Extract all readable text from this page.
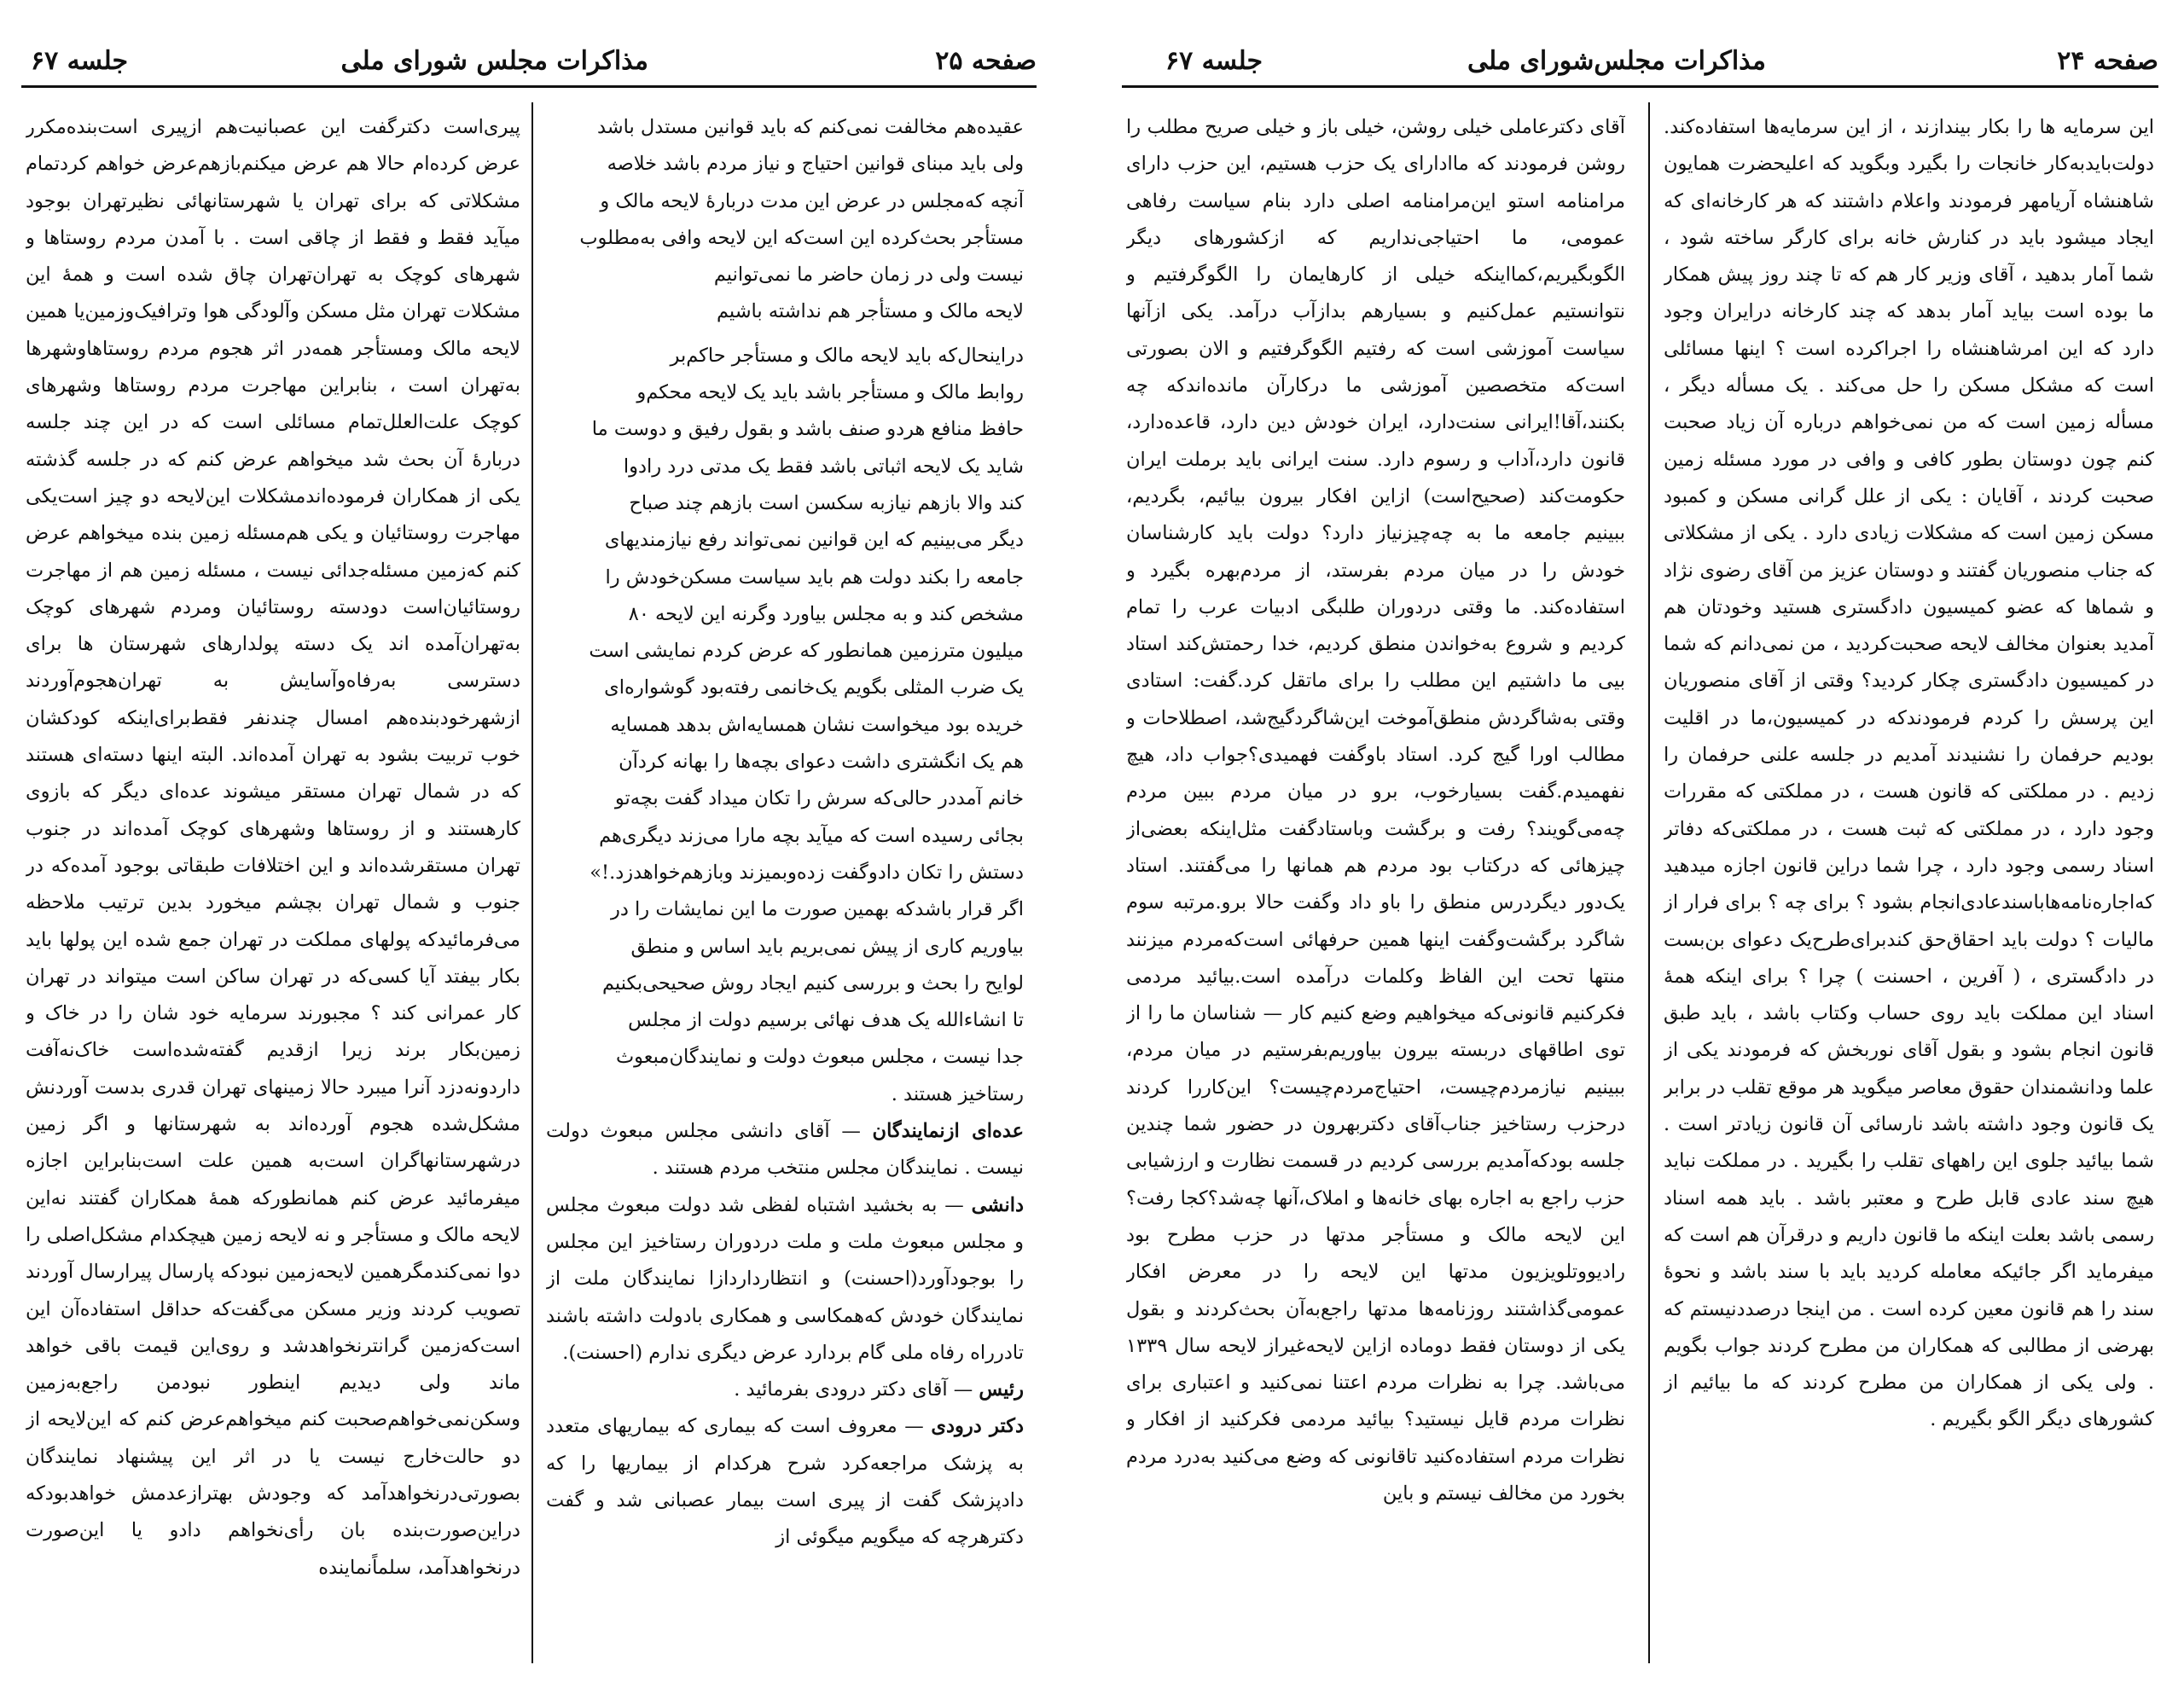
صفحه ۲۵
مذاکرات مجلس شورای ملی
جلسه ۶۷

عقیده‌هم مخالفت نمی‌کنم که باید قوانین مستدل باشد

ولی باید مبنای قوانین احتیاج و نیاز مردم باشد خلاصه

آنچه که‌مجلس در عرض این مدت دربارهٔ لایحه مالک و

مستأجر بحث‌کرده این است‌که این لایحه وافی به‌مطلوب

نیست ولی در زمان حاضر ما نمی‌توانیم

لایحه مالک و مستأجر هم نداشته باشیم

دراینحال‌که باید لایحه مالک و مستأجر حاکم‌بر

روابط مالک و مستأجر باشد باید یک لایحه محکم‌و

حافظ منافع هردو صنف باشد و بقول رفیق و دوست ما

شاید یک لایحه اثباتی باشد فقط یک مدتی درد رادوا

کند والا بازهم نیازبه سکسن است بازهم چند صباح

دیگر می‌بینیم که این قوانین نمی‌تواند رفع نیازمندیهای

جامعه را بکند دولت هم باید سیاست مسکن‌خودش را

مشخص کند و به مجلس بیاورد وگرنه این لایحه ۸۰

میلیون مترزمین همانطور که عرض کردم نمایشی است

یک ضرب المثلی بگویم یک‌خانمی رفته‌بود گوشواره‌ای

خریده بود میخواست نشان همسایه‌اش بدهد همسایه

هم یک انگشتری داشت دعوای بچه‌ها را بهانه کرد‌آن

خانم آمددر حالی‌که سرش را تکان میداد گفت بچه‌تو

بجائی رسیده است که میآید بچه مارا می‌زند دیگری‌هم

دستش را تکان دادوگفت زده‌وبمیزند وبازهم‌خواهدزد.!»

اگر قرار باشد‌که بهمین صورت ما این نمایشات را در

بیاوریم کاری از پیش نمی‌بریم باید اساس و منطق

لوایح را بحث و بررسی کنیم ایجاد روش صحیحی‌بکنیم

تا انشاءالله یک هدف نهائی برسیم دولت از مجلس

جدا نیست ، مجلس مبعوث دولت و نمایندگان‌مبعوث

رستاخیز هستند .

عده‌ای ازنمایندگان — آقای دانشی مجلس مبعوث دولت نیست . نمایندگان مجلس منتخب مردم هستند .

دانشی — به بخشید اشتباه لفظی شد دولت مبعوث مجلس و مجلس مبعوث ملت و ملت دردوران رستاخیز این مجلس را بوجودآورد(احسنت) و انتظارداردازا نمایندگان ملت از نمایندگان خودش که‌همکاسی و همکاری بادولت داشته باشند تادرراه رفاه ملی گام بردارد عرض دیگری ندارم (احسنت).

رئیس — آقای دکتر درودی بفرمائید .

دکتر درودی — معروف است که بیماری که بیماریهای متعدد به پزشک مراجعه‌کرد شرح هرکدام از بیماریها را که دادپزشک گفت از پیری است بیمار عصبانی شد و گفت دکترهرچه که میگویم میگوئی از

پیری‌است دکترگفت این عصبانیت‌هم ازپیری است‌بنده‌مکرر عرض کرده‌ام حالا هم عرض میکنم‌بازهم‌عرض خواهم کرد‌تمام مشکلاتی که برای تهران یا شهرستانهائی نظیرتهران بوجود میآید فقط و فقط از چاقی است . با آمدن مردم روستاها و شهرهای کوچک به تهران‌تهران چاق شده است و همهٔ این مشکلات تهران مثل مسکن وآلودگی هوا وترافیک‌وزمین‌یا همین لایحه مالک ومستأجر همه‌در اثر هجوم مردم روستاها‌وشهرها به‌تهران است ، بنابراین مهاجرت مردم روستاها وشهرهای کوچک علت‌العلل‌تمام مسائلی است که در این چند جلسه دربارهٔ آن بحث شد میخواهم عرض کنم که در جلسه گذشته یکی از همکاران فرموده‌اندمشکلات این‌لایحه دو چیز است‌یکی مهاجرت روستائیان و یکی هم‌مسئله زمین بنده میخواهم عرض کنم که‌زمین مسئله‌جدائی نیست ، مسئله زمین هم از مهاجرت روستائیان‌است دودسته روستائیان و‌مردم شهرهای کوچک به‌تهران‌آمده اند یک دسته پولدارهای شهرستان ها برای دسترسی به‌رفاه‌وآسایش به تهران‌هجوم‌آوردند ازشهرخودبنده‌هم امسال چندنفر فقط‌برای‌اینکه کودکشان خوب تربیت بشود به تهران آمده‌اند. البته اینها دسته‌ای هستند که در شمال تهران مستقر میشوند عده‌ای دیگر که بازوی کارهستند و از روستاها وشهرهای کوچک آمده‌اند در جنوب تهران مستقرشده‌اند و این اختلافات طبقاتی بوجود آمده‌که در جنوب و شمال تهران بچشم میخورد بدین ترتیب ملاحظه می‌فرمائید‌که پولهای مملکت در تهران جمع شده این پولها باید بکار بیفتد آیا کسی‌که در تهران ساکن است میتواند در تهران کار عمرانی کند ؟ مجبورند سرمایه خود شان را در خاک و زمین‌بکار برند زیرا ازقدیم گفته‌شده‌است خاک‌نه‌آفت داردونه‌دزد آنرا میبرد حالا زمینهای تهران قدری بدست آوردنش مشکل‌شده هجوم آورده‌اند به شهرستانها و اگر زمین درشهرستانها‌گران است‌به همین علت است‌بنابراین اجازه میفرمائید عرض کنم همانطورکه همهٔ همکاران گفتند نه‌این لایحه مالک و مستأجر و نه لایحه زمین هیچکدام مشکل‌اصلی را دوا نمی‌کندمگرهمین لایحه‌زمین نبود‌که پارسال پیرارسال آوردند تصویب کردند وزیر مسکن می‌گفت‌که حداقل استفاده‌آن این است‌که‌زمین گرانترنخواهدشد و روی‌این قیمت باقی خواهد ماند ولی دیدیم اینطور نبودمن راجع‌به‌زمین وسکن‌نمی‌خواهم‌صحبت کنم میخواهم‌عرض کنم که این‌لایحه از دو حالت‌خارج نیست یا در اثر این پیشنهاد نمایندگان بصورتی‌درنخواهدآمد که وجودش بهترازعدمش خواهدبود‌که دراین‌صورت‌بنده بان رأی‌نخواهم دادو یا این‌صورت درنخواهدآمد، سلماً‌نماینده

صفحه ۲۴
مذاکرات مجلس‌شورای ملی
جلسه ۶۷

این سرمایه ها را بکار بیندازند ، از این سرمایه‌ها استفاده‌کند. دولت‌بایدبه‌کار خانجات را بگیرد وبگوید که اعلیحضرت همایون شاهنشاه آریامهر فرمودند واعلام داشتند که هر کارخانه‌ای که ایجاد میشود باید در کنارش خانه برای کارگر ساخته شود ، شما آمار بدهید ، آقای وزیر کار هم که تا چند روز پیش همکار ما بوده است بیاید آمار بدهد که چند کارخانه درایران وجود دارد که این امرشاهنشاه را اجراکرده است ؟ اینها مسائلی است که مشکل مسکن را حل می‌کند . یک مسأله دیگر ، مسأله زمین است که من نمی‌خواهم درباره آن زیاد صحبت کنم چون دوستان بطور کافی و وافی در مورد مسئله زمین صحبت کردند ، آقایان : یکی از علل گرانی مسکن و کمبود مسکن زمین است که مشکلات زیادی دارد . یکی از مشکلاتی که جناب منصوریان گفتند و دوستان عزیز من آقای رضوی نژاد و شماها که عضو کمیسیون دادگستری هستید وخودتان هم آمدید بعنوان مخالف لایحه صحبت‌کردید ، من نمی‌دانم که شما در کمیسیون دادگستری چکار کردید؟ وقتی از آقای منصوریان این پرسش را کردم فرمودند‌که در کمیسیون،ما در اقلیت بودیم حرفمان را نشنیدند آمدیم در جلسه علنی حرفمان را زدیم . در مملکتی که قانون هست ، در مملکتی که مقررات وجود دارد ، در مملکتی که ثبت هست ، در مملکتی‌که دفاتر اسناد رسمی وجود دارد ، چرا شما دراین قانون اجازه میدهید که‌اجاره‌نامه‌هاباسندعادی‌انجام بشود ؟ برای چه ؟ برای فرار از مالیات ؟ دولت باید احقاق‌حق کندبرای‌طرح‌یک دعوای بن‌بست در دادگستری ، ( آفرین ، احسنت ) چرا ؟ برای اینکه همهٔ اسناد این مملکت باید روی حساب وکتاب باشد ، باید طبق قانون انجام بشود و بقول آقای نوربخش که فرمودند یکی از علما ودانشمندان حقوق معاصر میگوید هر موقع تقلب در برابر یک قانون وجود داشته باشد نارسائی آن قانون زیادتر است . شما بیائید جلوی این راههای تقلب را بگیرید . در مملکت نباید هیچ سند عادی قابل طرح و معتبر باشد . باید همه اسناد رسمی باشد بعلت اینکه ما قانون داریم و درقرآن هم است که میفرماید اگر جائیکه معامله کردید باید با سند باشد و نحوهٔ سند را هم قانون معین کرده است . من اینجا درصددنیستم که بهرضی از مطالبی که همکاران من مطرح کردند جواب بگویم . ولی یکی از همکاران من مطرح کردند که ما بیائیم از کشورهای دیگر الگو بگیریم .

آقای دکترعاملی خیلی روشن، خیلی باز و خیلی صریح مطلب را روشن فرمودند که ماادارای یک حزب هستیم، این حزب دارای مرامنامه استو این‌مرامنامه اصلی دارد بنام سیاست رفاهی عمومی، ما احتیاجی‌نداریم که ازکشورهای دیگر الگوبگیریم،کمااینکه خیلی از کارهایمان را الگوگرفتیم و نتوانستیم عمل‌کنیم و بسیارهم بدازآب درآمد. یکی ازآنها سیاست آموزشی است که رفتیم الگوگرفتیم و الان بصورتی است‌که متخصصین آموزشی ما درکارآن مانده‌اندکه چه بکنند،آقا!ایرانی سنت‌دارد، ایران خودش دین دارد، قاعده‌دارد، قانون دارد،آداب و رسوم دارد. سنت ایرانی باید برملت ایران حکومت‌کند (صحیح‌است) ازاین افکار بیرون بیائیم، بگردیم، ببینیم جامعه ما به چه‌چیزنیاز دارد؟ دولت باید کارشناسان خودش را در میان مردم بفرستد، از مردم‌بهره بگیرد و استفاده‌کند. ما وقتی دردوران طلبگی ادبیات عرب را تمام کردیم و شروع به‌خواندن منطق کردیم، خدا رحمتش‌کند استاد بیی ما داشتیم این مطلب را برای ماتقل کرد.گفت: استادی وقتی به‌شاگردش منطق‌آموخت این‌شاگردگیج‌شد، اصطلاحات و مطالب اورا گیج کرد. استاد باوگفت فهمیدی؟جواب داد، هیچ نفهمیدم.گفت بسیارخوب، برو در میان مردم ببین مردم چه‌می‌گویند؟ رفت و برگشت وباستادگفت مثل‌اینکه بعضی‌از چیزهائی که درکتاب بود مردم هم همانها را می‌گفتند. استاد یک‌دور دیگردرس منطق را باو داد وگفت حالا برو.مرتبه سوم شاگرد برگشت‌وگفت اینها همین حرفهائی است‌که‌مردم میزنند منتها تحت این الفاظ وکلمات درآمده است.بیائید مردمی فکرکنیم قانونی‌که میخواهیم وضع کنیم کار — شناسان ما را از توی اطاقهای دربسته بیرون بیاوریم‌بفرستیم در میان مردم، ببینیم نیازمردم‌چیست، احتیاج‌مردم‌چیست؟ این‌کاررا کردند درحزب رستاخیز جناب‌آقای دکتربهرون در حضور شما چندین جلسه بودکه‌آمدیم بررسی کردیم در قسمت نظارت و ارزشیابی حزب راجع به اجاره بهای خانه‌ها و املاک،آنها چه‌شد؟کجا رفت؟ این لایحه مالک و مستأجر مدتها در حزب مطرح بود رادیووتلویزیون مدتها این لایحه را در معرض افکار عمومی‌گذاشتند روزنامه‌ها مدتها راجع‌به‌آن بحث‌کردند و بقول یکی از دوستان فقط دوماده ازاین لایحه‌غیراز لایحه سال ۱۳۳۹ می‌باشد. چرا به نظرات مردم اعتنا نمی‌کنید و اعتباری برای نظرات مردم قایل نیستید؟ بیائید مردمی فکرکنید از افکار و نظرات مردم استفاده‌کنید تاقانونی که وضع می‌کنید به‌درد مردم بخورد من مخالف نیستم و باین
